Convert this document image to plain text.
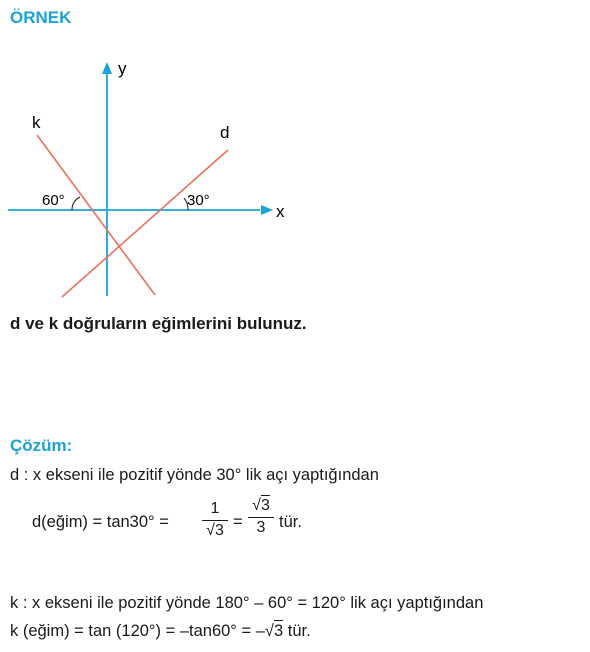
ÖRNEK
y
x
k
d
60°	30°
d ve k doğruların eğimlerini bulunuz.
Çözüm:
d : x ekseni ile pozitif yönde 30° lik açı yaptığından
d(eğim) = tan30° =
1
√3 =
√3
3 tür.
k : x ekseni ile pozitif yönde 180° – 60° = 120° lik açı yaptığından
k (eğim) = tan (120°) = –tan60° = –√3 tür.
